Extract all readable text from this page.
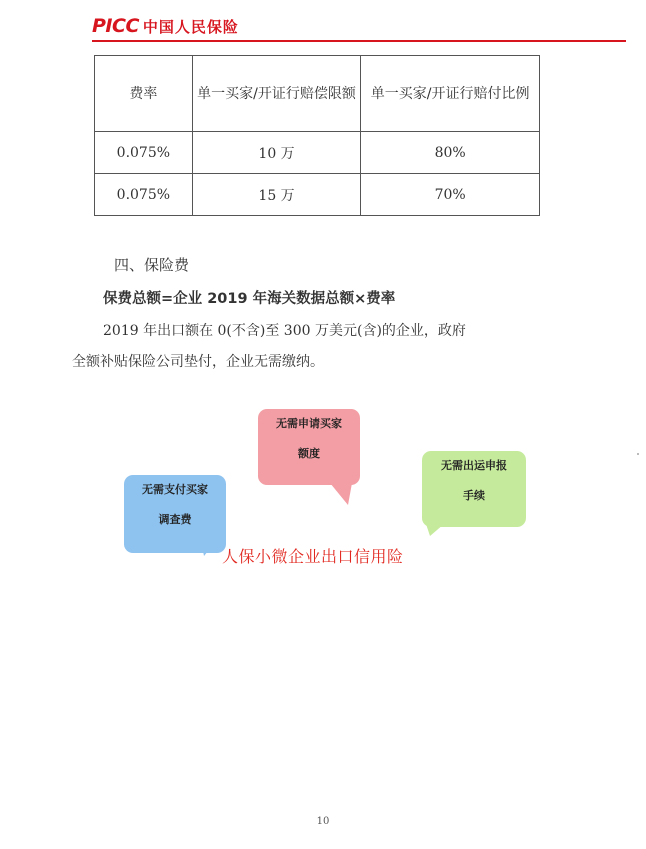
PICC 中国人民保险
费率	单一买家/开证行赔偿限额	单一买家/开证行赔付比例
0.075%	10 万	80%
0.075%	15 万	70%
四、保险费
保费总额=企业 2019 年海关数据总额×费率
2019 年出口额在 0(不含)至 300 万美元(含)的企业，政府
全额补贴保险公司垫付，企业无需缴纳。
无需申请买家
额度
无需出运申报
手续
无需支付买家
调查费
人保小微企业出口信用险
10
